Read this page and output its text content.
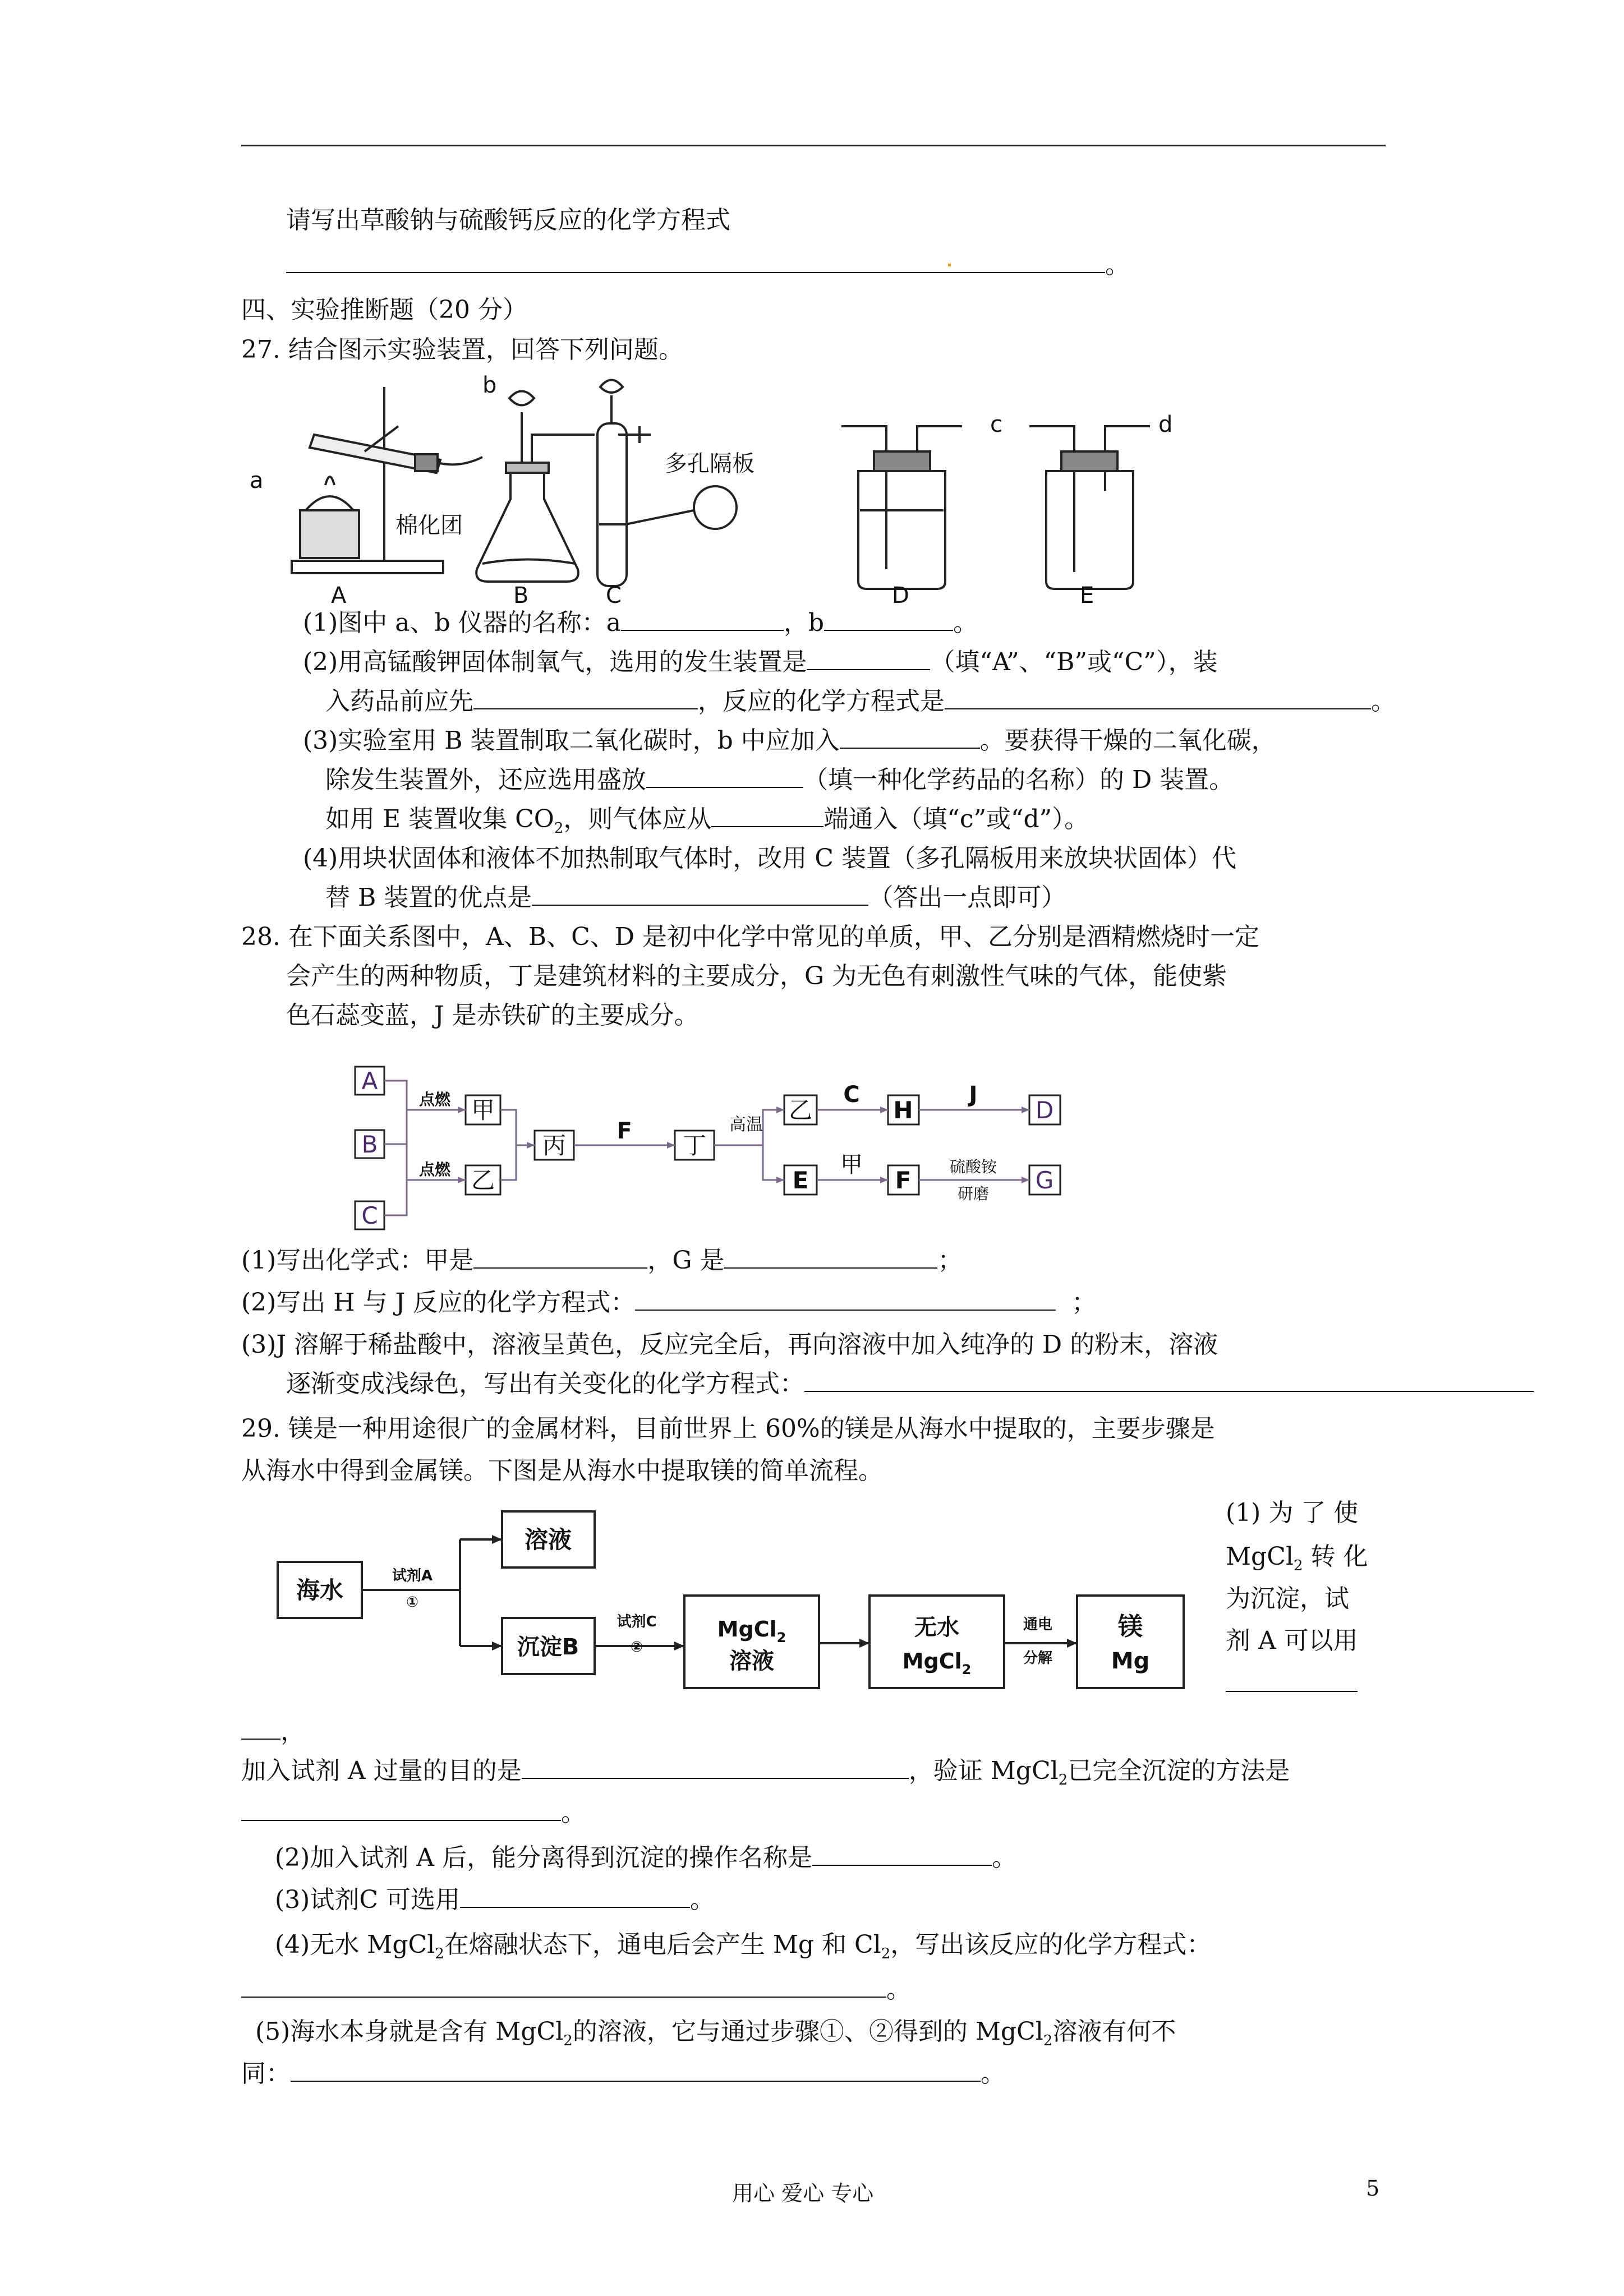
请写出草酸钠与硫酸钙反应的化学方程式
。
四、实验推断题（20 分）
27. 结合图示实验装置，回答下列问题。
a
b
c	d
棉化团
多孔隔板
A	B	C	D	E
(1)图中 a、b 仪器的名称：a	，b	。
(2)用高锰酸钾固体制氧气，选用的发生装置是	（填“A”、“B”或“C”），装
入药品前应先	，反应的化学方程式是	。
(3)实验室用 B 装置制取二氧化碳时，b 中应加入	。要获得干燥的二氧化碳，
除发生装置外，还应选用盛放	（填一种化学药品的名称）的 D 装置。
如用 E 装置收集 $CO_2$，则气体应从	端通入（填“c”或“d”）。
(4)用块状固体和液体不加热制取气体时，改用 C 装置（多孔隔板用来放块状固体）代
替 B 装置的优点是	（答出一点即可）
28. 在下面关系图中，A、B、C、D 是初中化学中常见的单质，甲、乙分别是酒精燃烧时一定
会产生的两种物质，丁是建筑材料的主要成分，G 为无色有刺激性气味的气体，能使紫
色石蕊变蓝，J 是赤铁矿的主要成分。
A
B
C
甲
乙
丙	丁
乙	H
E	F
D
G
点燃
点燃
F	高温
C	J
甲	硫酸铵
研磨
(1)写出化学式：甲是	，G 是	；
(2)写出 H 与 J 反应的化学方程式：	；
(3)J 溶解于稀盐酸中，溶液呈黄色，反应完全后，再向溶液中加入纯净的 D 的粉末，溶液
逐渐变成浅绿色，写出有关变化的化学方程式：
29. 镁是一种用途很广的金属材料，目前世界上 60%的镁是从海水中提取的，主要步骤是
从海水中得到金属镁。下图是从海水中提取镁的简单流程。
海水
溶液
沉淀B
MgCl$_2$
溶液
无水
MgCl$_2$
镁
Mg
试剂A
①
试剂C
②
通电
分解
(1) 为 了 使
MgCl$_2$ 转 化
为沉淀，试
剂 A 可以用
，
加入试剂 A 过量的目的是	，验证 MgCl$_2$已完全沉淀的方法是
。
(2)加入试剂 A 后，能分离得到沉淀的操作名称是	。
(3)试剂C 可选用	。
(4)无水 MgCl$_2$在熔融状态下，通电后会产生 Mg 和 $Cl_2$，写出该反应的化学方程式：
。
(5)海水本身就是含有 MgCl$_2$的溶液，它与通过步骤①、②得到的 MgCl$_2$溶液有何不
同：	。
用心 爱心 专心	5
